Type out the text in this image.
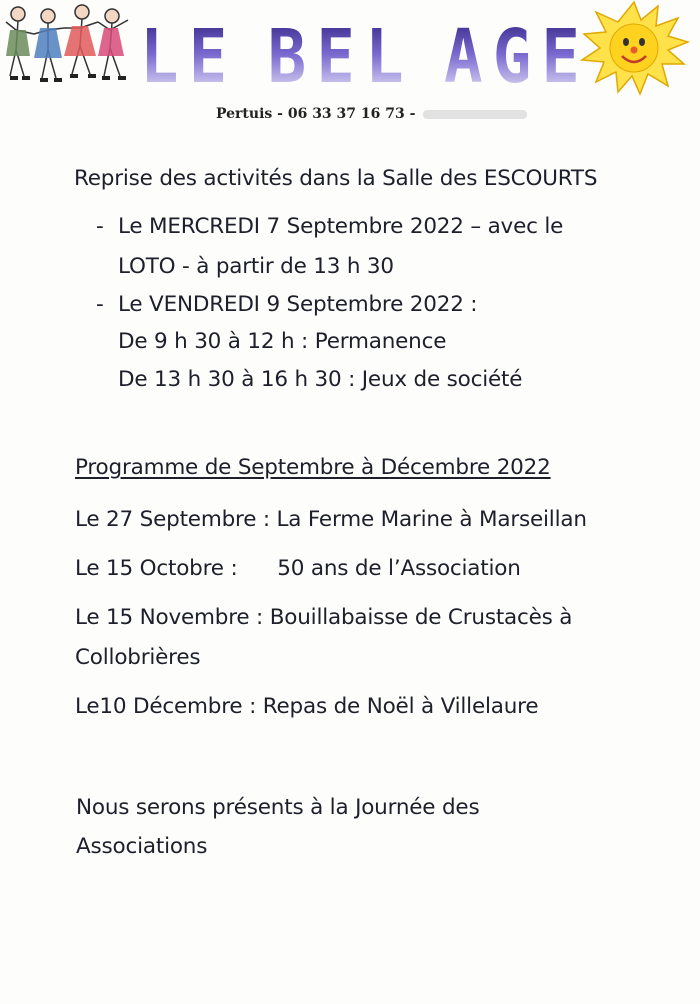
L E B E L A G E
Pertuis - 06 33 37 16 73 -
Reprise des activités dans la Salle des ESCOURTS
- Le MERCREDI 7 Septembre 2022 – avec le
LOTO - à partir de 13 h 30
- Le VENDREDI 9 Septembre 2022 :
De 9 h 30 à 12 h : Permanence
De 13 h 30 à 16 h 30 : Jeux de société
Programme de Septembre à Décembre 2022
Le 27 Septembre : La Ferme Marine à Marseillan
Le 15 Octobre :      50 ans de l’Association
Le 15 Novembre : Bouillabaisse de Crustacès à
Collobrières
Le10 Décembre : Repas de Noël à Villelaure
Nous serons présents à la Journée des
Associations
